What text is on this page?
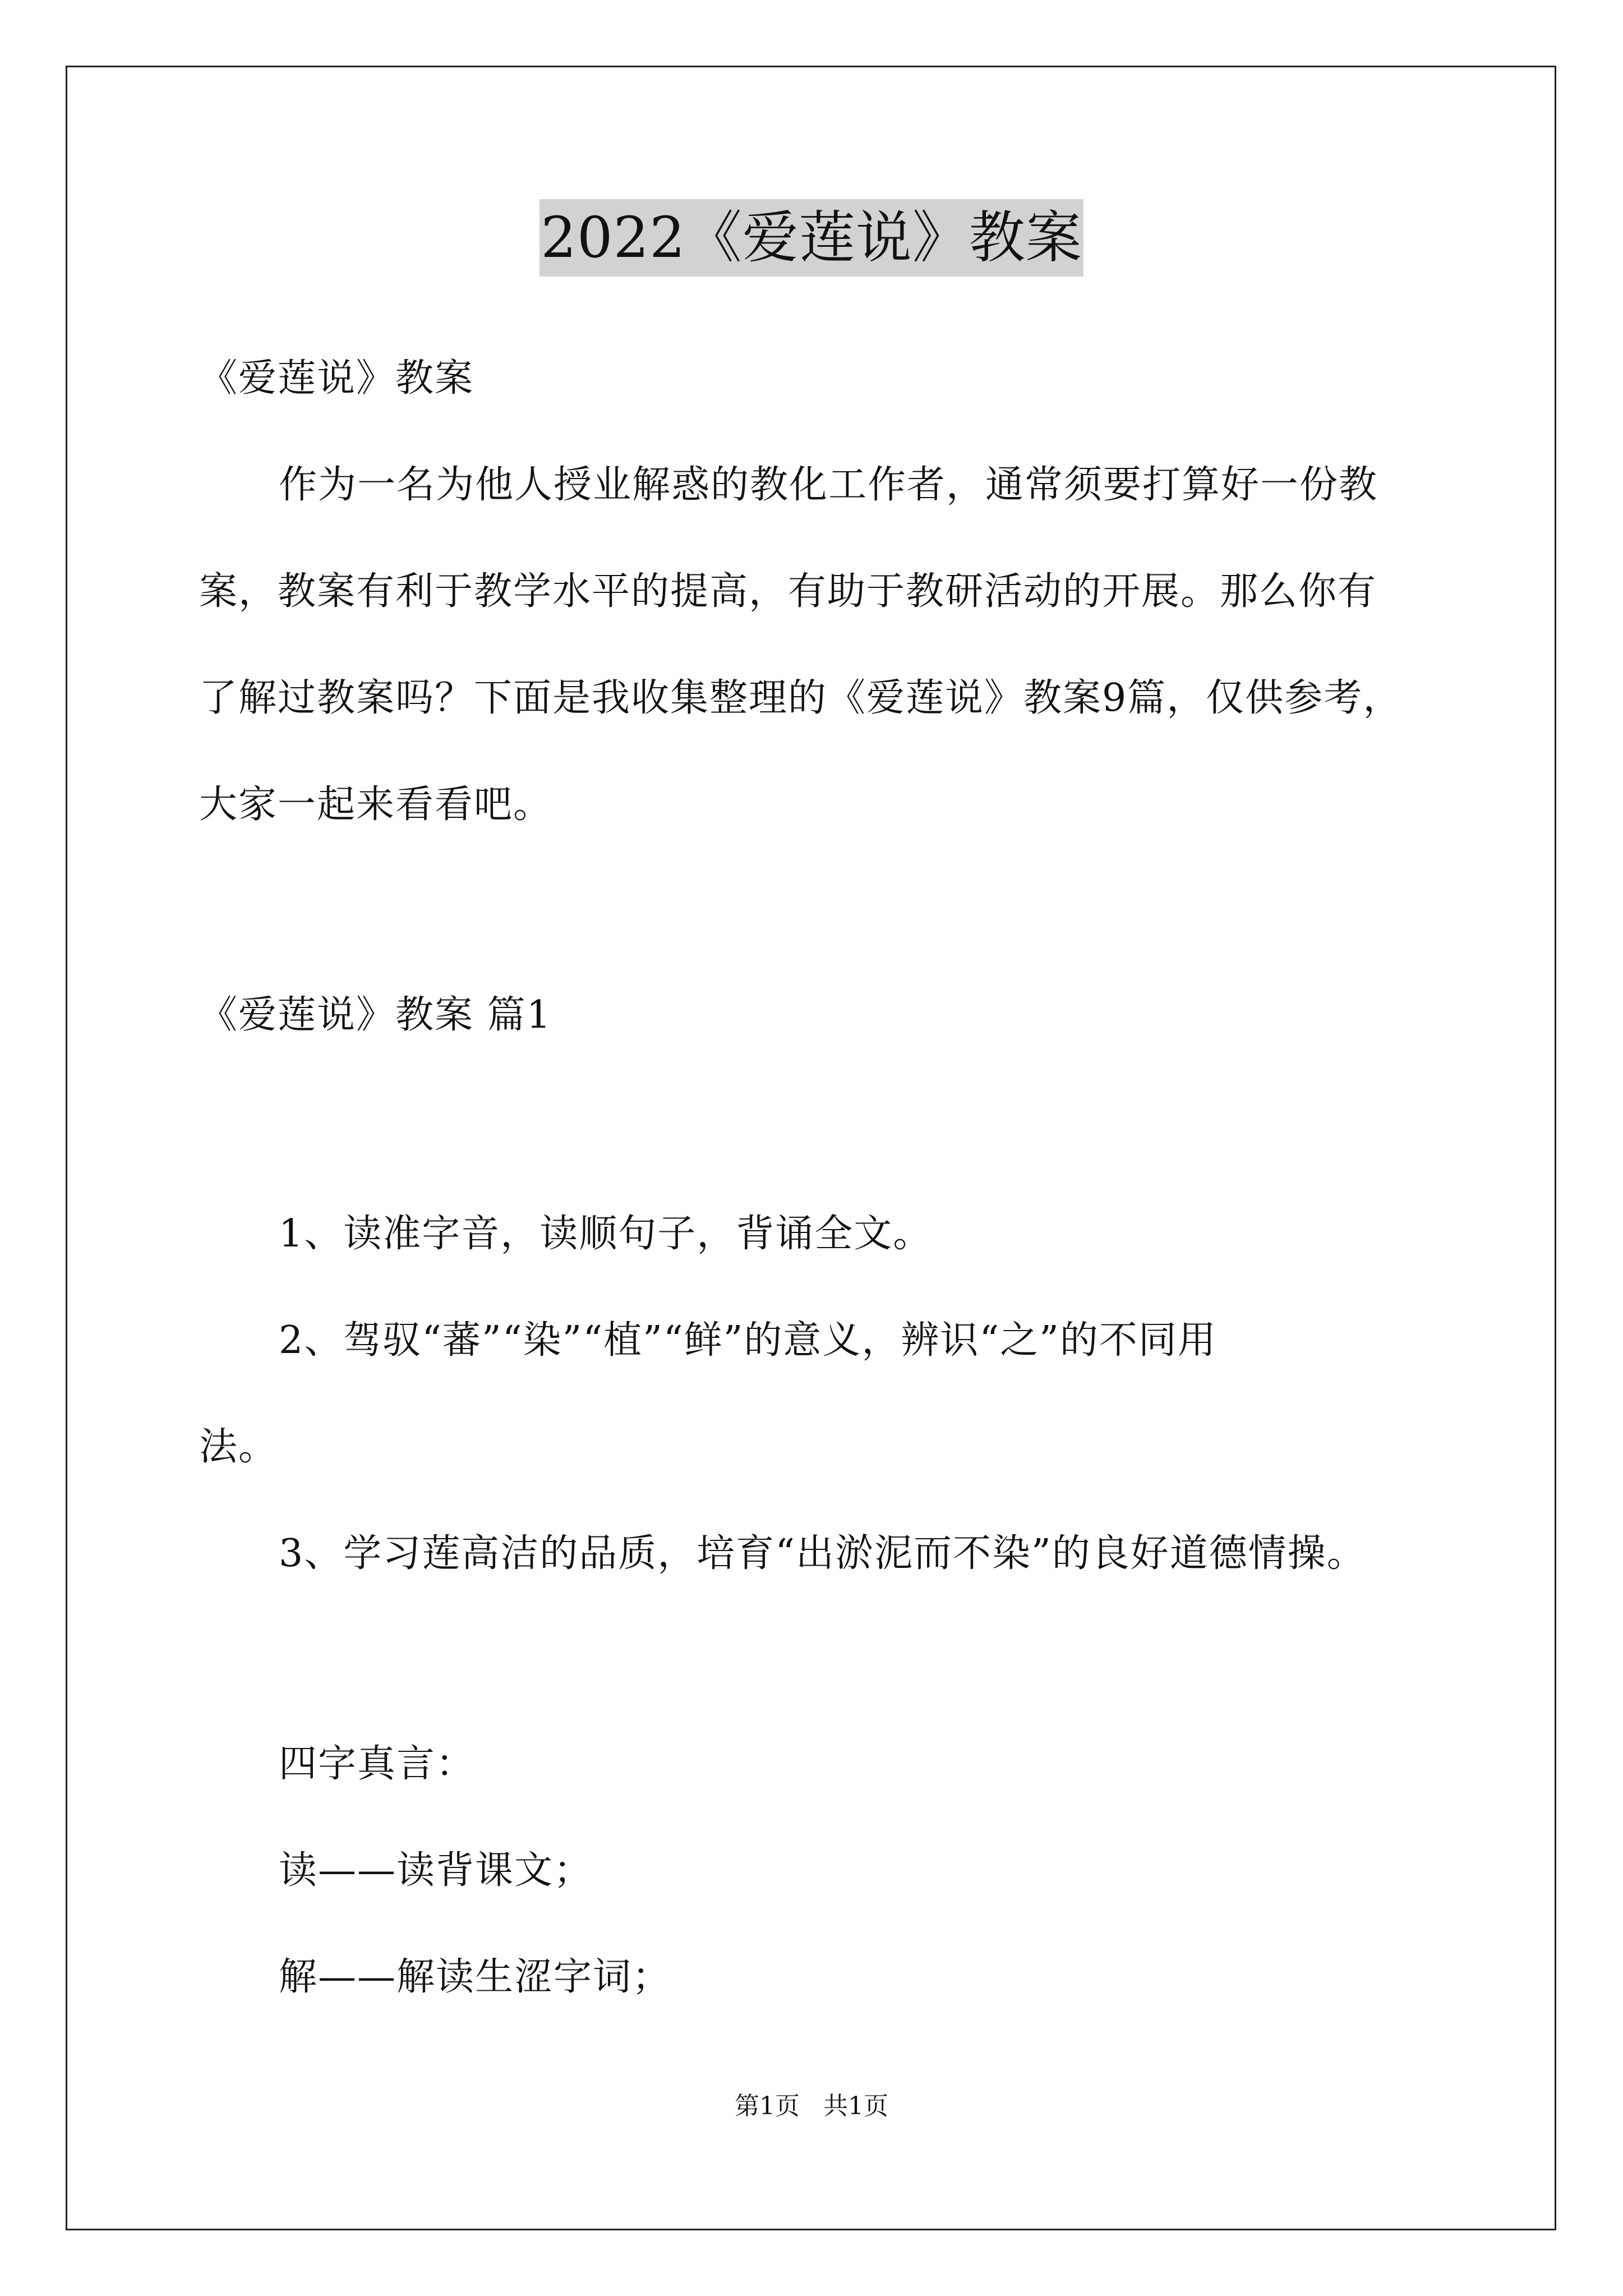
2022《爱莲说》教案
《爱莲说》教案
作为一名为他人授业解惑的教化工作者，通常须要打算好一份教
案，教案有利于教学水平的提高，有助于教研活动的开展。那么你有
了解过教案吗？下面是我收集整理的《爱莲说》教案9篇，仅供参考，
大家一起来看看吧。
《爱莲说》教案 篇1
1、读准字音，读顺句子，背诵全文。
2、驾驭“蕃”“染”“植”“鲜”的意义，辨识“之”的不同用
法。
3、学习莲高洁的品质，培育“出淤泥而不染”的良好道德情操。
四字真言：
读——读背课文；
解——解读生涩字词；
第1页   共1页
